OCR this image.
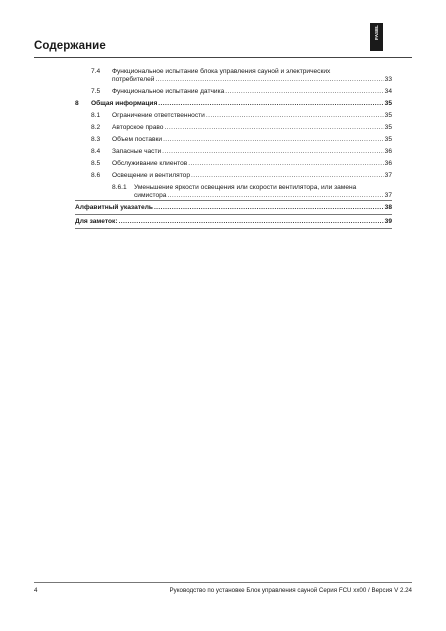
Содержание
FASEL
7.4 Функциональное испытание блока управления сауной и электрических
потребителей .....	33
7.5 Функциональное испытание датчика .....	34
8 Общая информация .....	35
8.1 Ограничение ответственности .....	35
8.2 Авторское право .....	35
8.3 Объем поставки .....	35
8.4 Запасные части .....	36
8.5 Обслуживание клиентов .....	36
8.6 Освещение и вентилятор .....	37
8.6.1 Уменьшение яркости освещения или скорости вентилятора, или замена
симистора .....	37
Алфавитный указатель .....	38
Для заметок: .....	39
4	Руководство по установке Блок управления сауной Серия FCU xx00 / Версия V 2.24
